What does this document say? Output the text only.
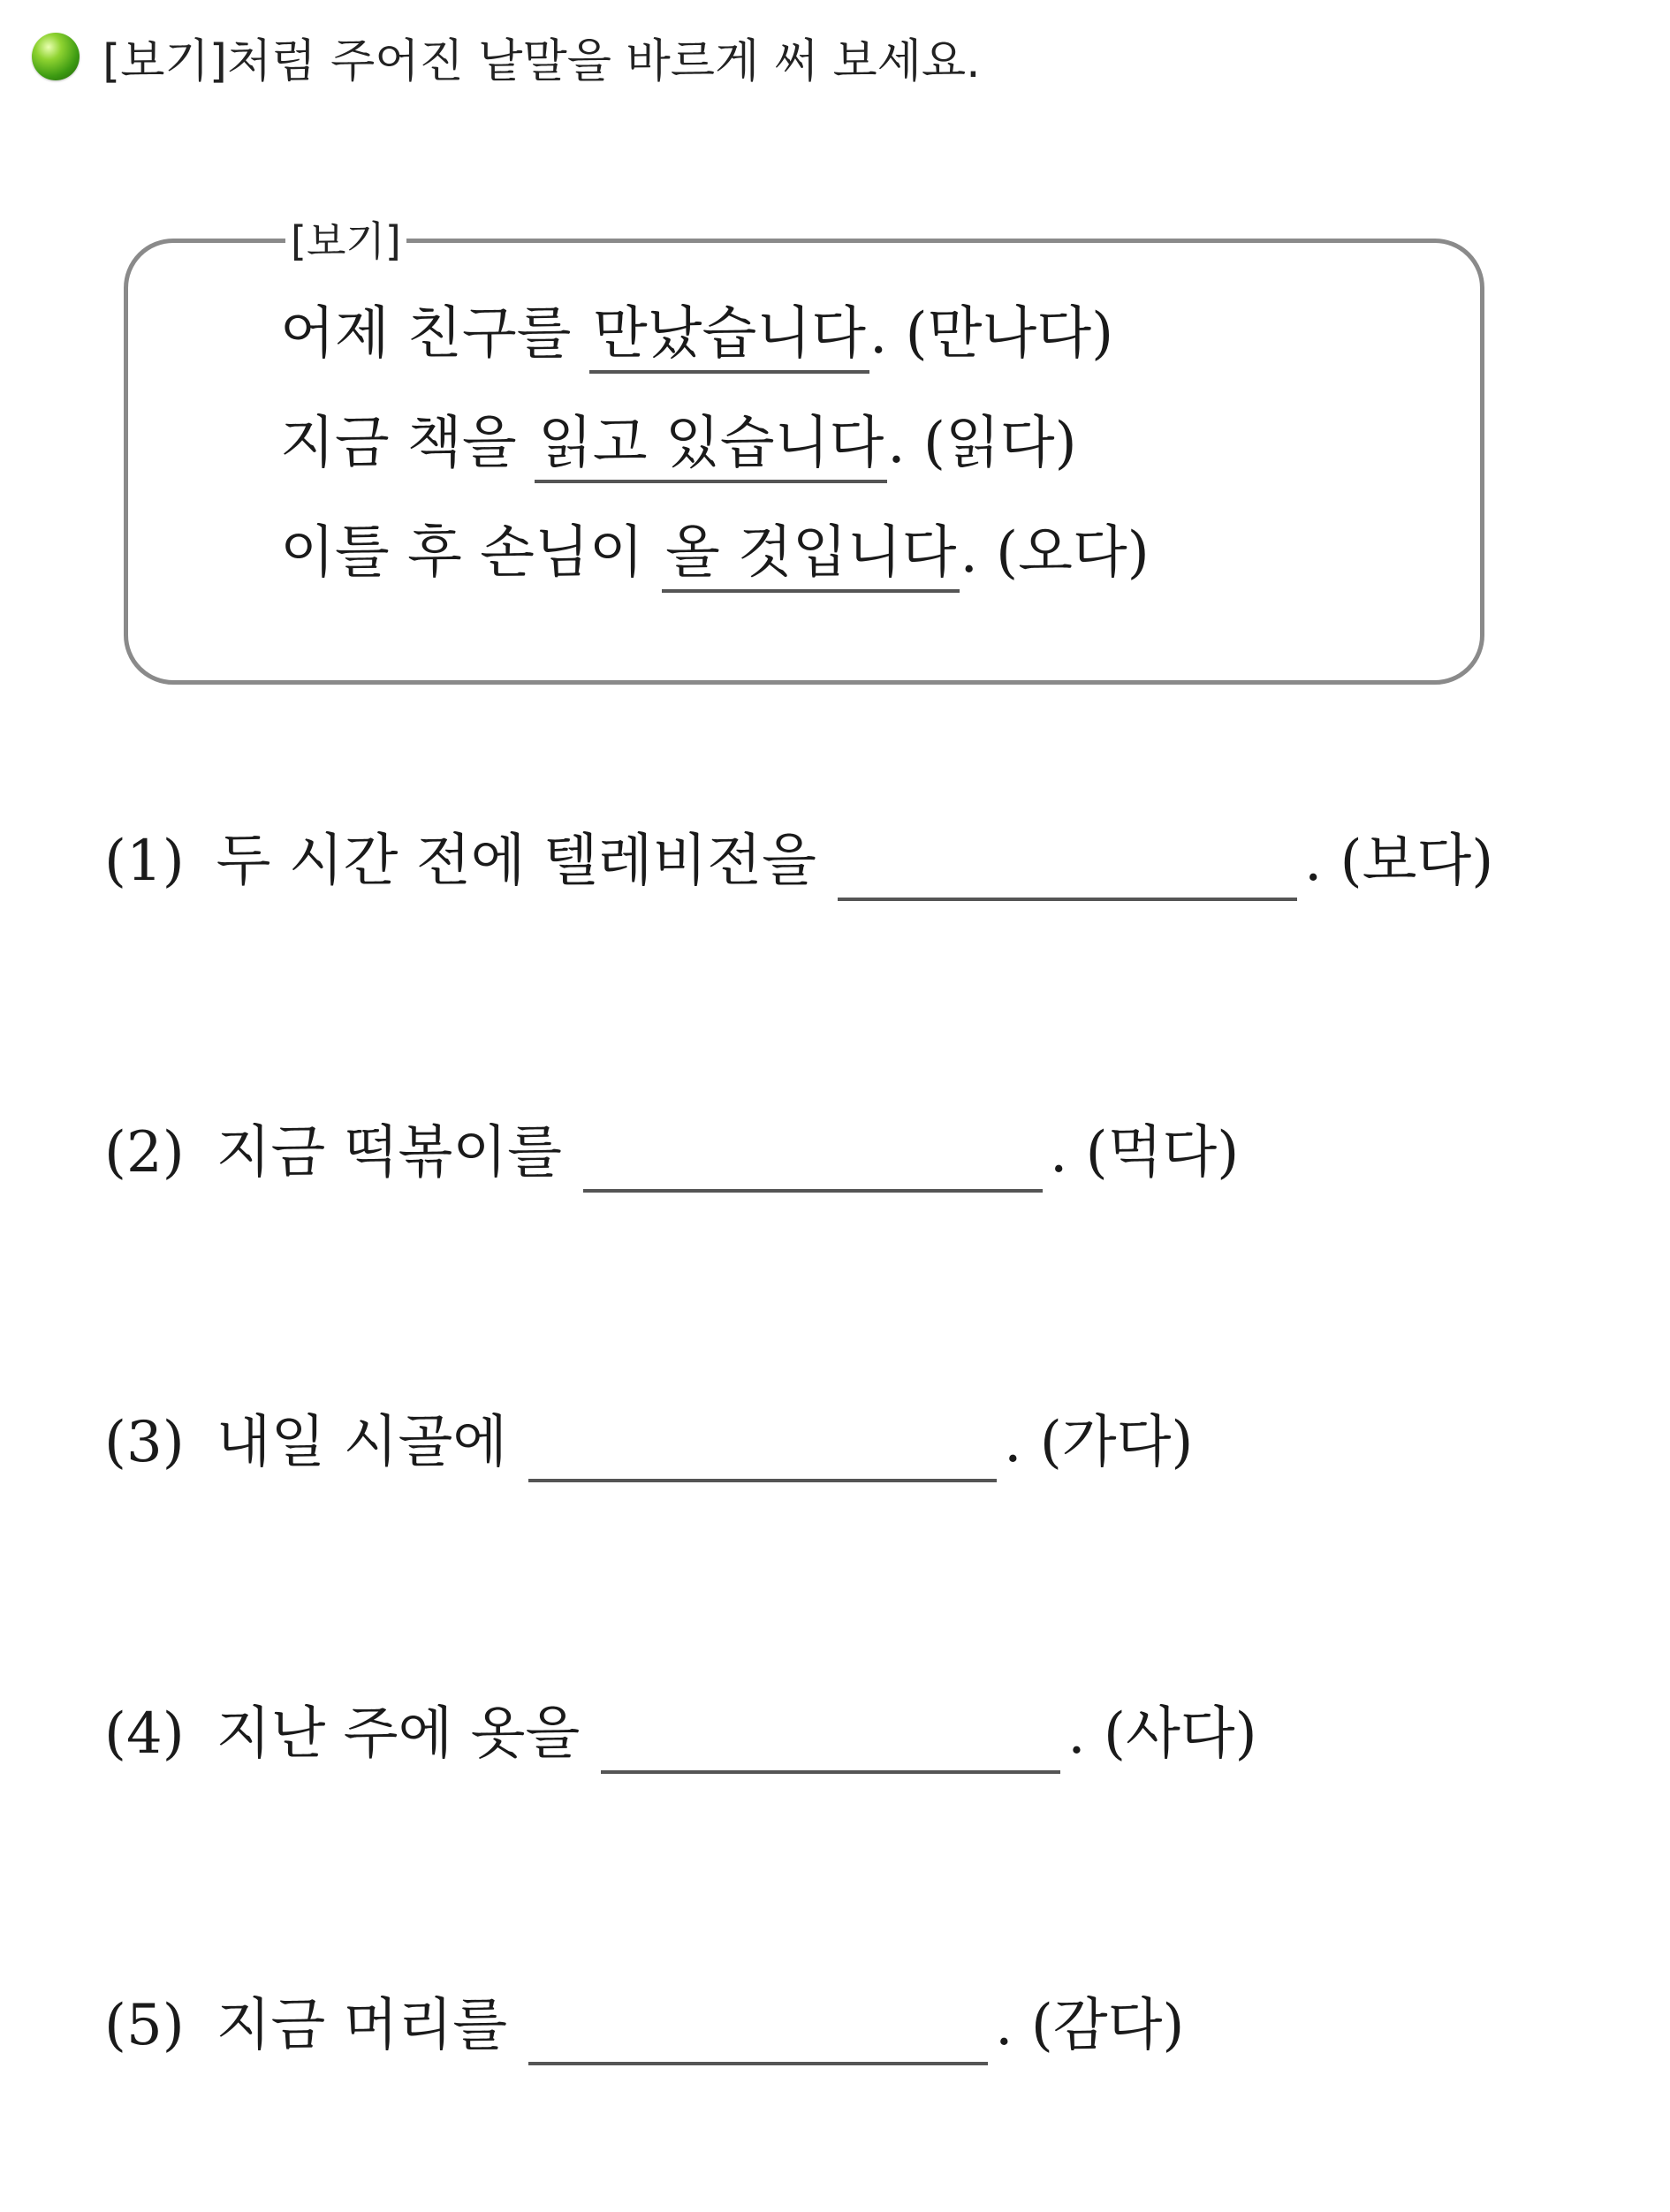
[보기]처럼 주어진 낱말을 바르게 써 보세요.
[보기]
어제 친구를 만났습니다 . (만나다)
지금 책을 읽고 있습니다 . (읽다)
이틀 후 손님이 올 것입니다 . (오다)
(1) 두 시간 전에 텔레비전을	. (보다)
(2) 지금 떡볶이를	. (먹다)
(3) 내일 시골에	. (가다)
(4) 지난 주에 옷을	. (사다)
(5) 지금 머리를	. (감다)
